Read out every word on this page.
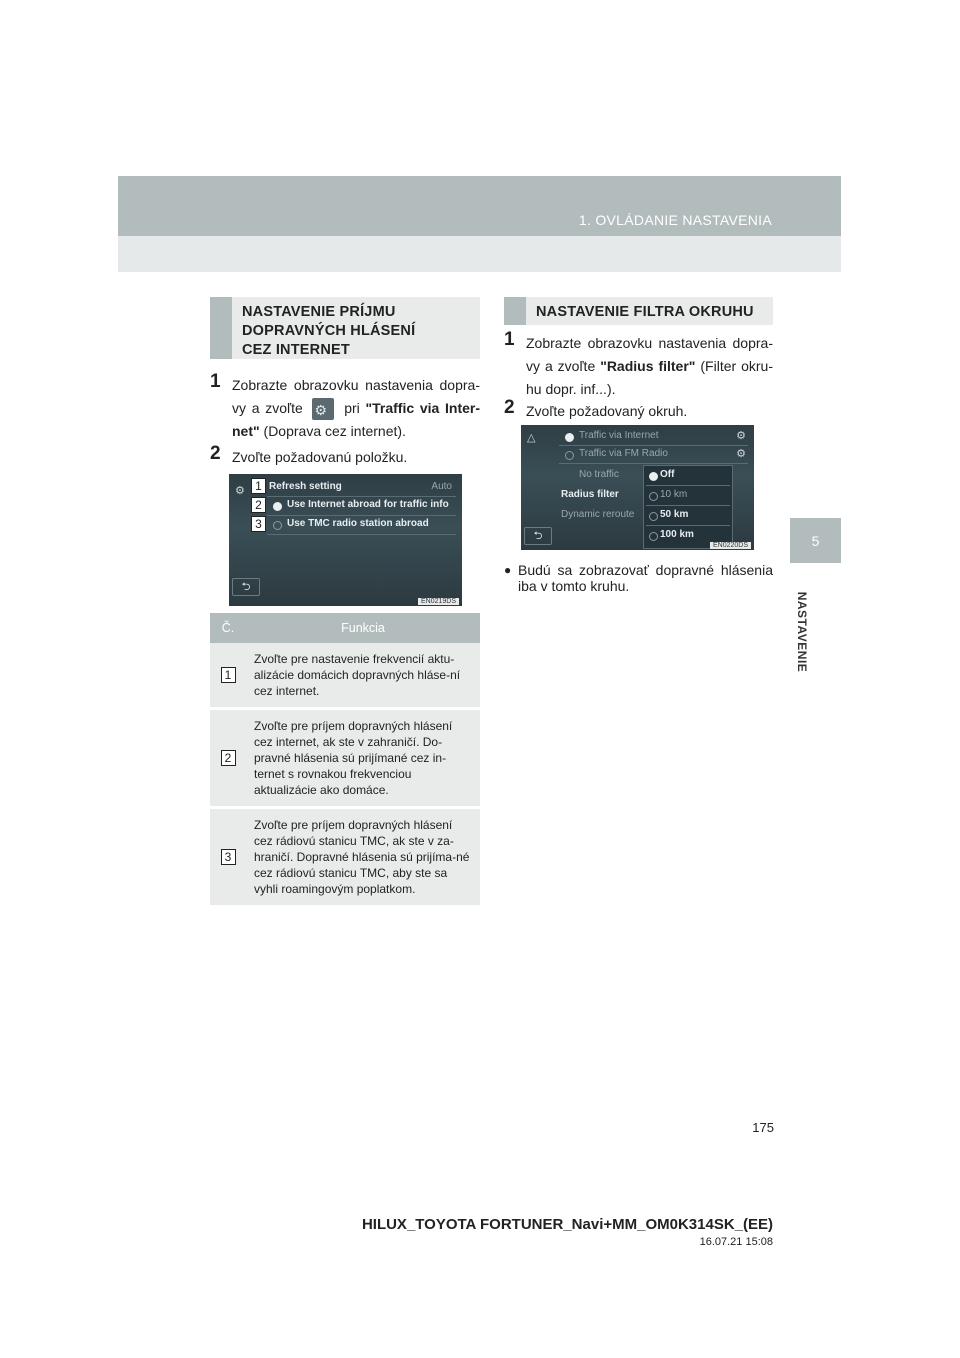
1. OVLÁDANIE NASTAVENIA
5
NASTAVENIE
NASTAVENIE PRÍJMU
DOPRAVNÝCH HLÁSENÍ
CEZ INTERNET
1 Zobrazte obrazovku nastavenia dopra-vy a zvoľte ⚙ pri "Traffic via Inter-net" (Doprava cez internet).
2 Zvoľte požadovanú položku.
⚙ Refresh setting	Auto
Use Internet abroad for traffic info
Use TMC radio station abroad
⮌
EN0219DS
1
2
3
Č.	Funkcia
1	Zvoľte pre nastavenie frekvencií aktu-alizácie domácich dopravných hláse-ní cez internet.
2	Zvoľte pre príjem dopravných hlásení cez internet, ak ste v zahraničí. Do-pravné hlásenia sú prijímané cez in-ternet s rovnakou frekvenciou aktualizácie ako domáce.
3	Zvoľte pre príjem dopravných hlásení cez rádiovú stanicu TMC, ak ste v za-hraničí. Dopravné hlásenia sú prijíma-né cez rádiovú stanicu TMC, aby ste sa vyhli roamingovým poplatkom.
NASTAVENIE FILTRA OKRUHU
1 Zobrazte obrazovku nastavenia dopra-vy a zvoľte "Radius filter" (Filter okru-hu dopr. inf...).
2 Zvoľte požadovaný okruh.
△	Traffic via Internet	⚙
Traffic via FM Radio	⚙
No traffic
Radius filter
Dynamic reroute
Off
10 km
50 km
100 km
⮌
EN0220DS
● Budú sa zobrazovať dopravné hlásenia iba v tomto kruhu.
175
HILUX_TOYOTA FORTUNER_Navi+MM_OM0K314SK_(EE)
16.07.21 15:08
